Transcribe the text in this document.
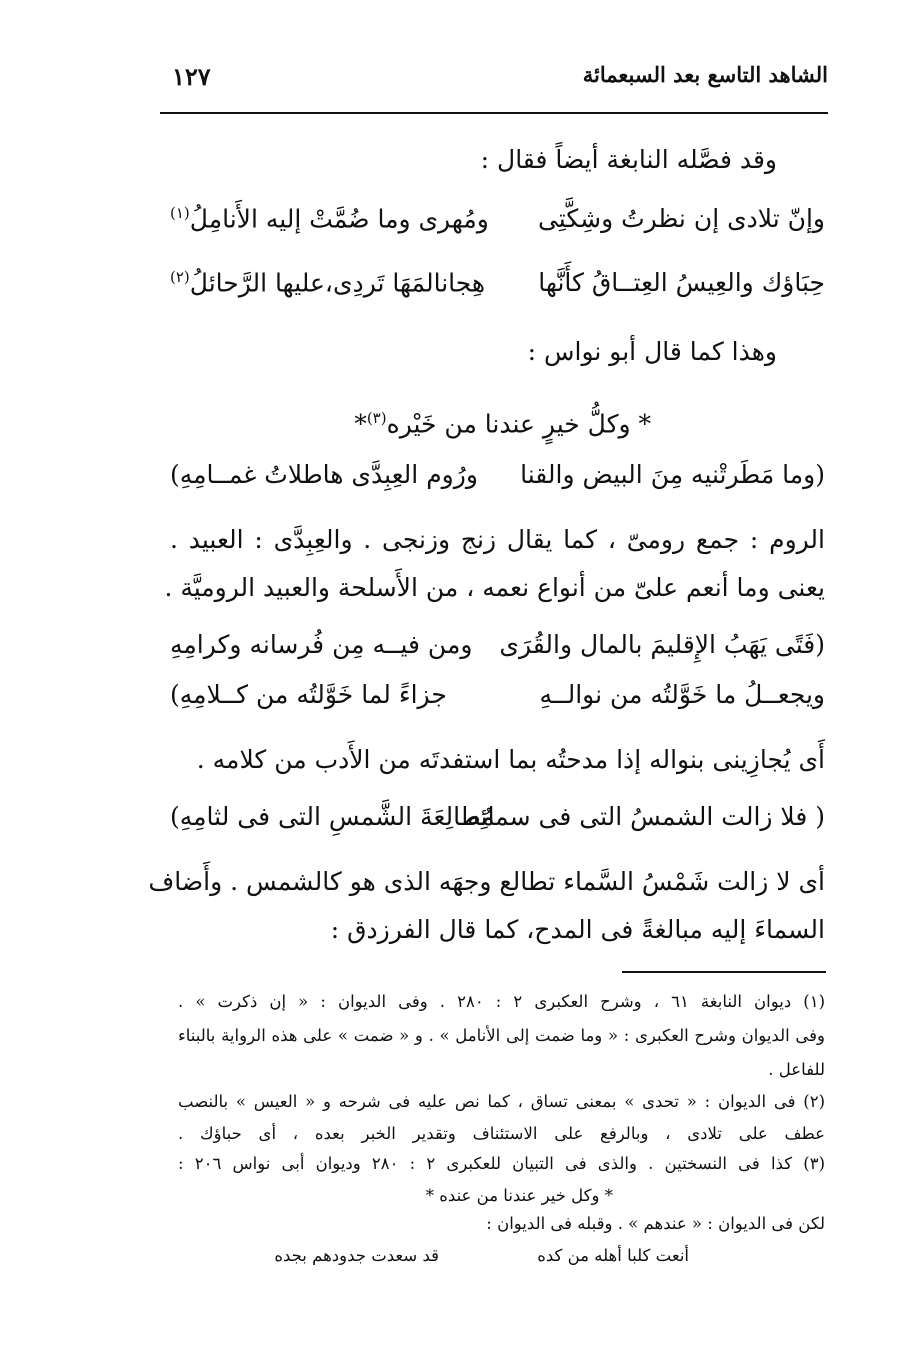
الشاهد التاسع بعد السبعمائة
١٢٧
وقد فصَّله النابغة أيضاً فقال :
وإنّ تلادى إن نظرتُ وشِكَّتِى
ومُهرى وما ضُمَّتْ إليه الأَنامِلُ$^{(١)}$
حِبَاؤك والعِيسُ العِتــاقُ كأَنَّها
هِجانالمَهَا تَردِى،عليها الرَّحائلُ$^{(٢)}$
وهذا كما قال أبو نواس :
* وكلُّ خيرٍ عندنا من خَيْره$^{(٣)}$*
(وما مَطَرتْنيه مِنَ البيض والقنا
ورُوم العِبِدَّى هاطلاتُ غمــامِهِ)
الروم : جمع رومىّ ، كما يقال زنج وزنجى . والعِبِدَّى : العبيد .
يعنى وما أنعم علىّ من أنواع نعمه ، من الأَسلحة والعبيد الروميَّة .
(فَتًى يَهَبُ الإِقليمَ بالمال والقُرَى
ومن فيــه مِن فُرسانه وكرامِهِ
ويجعــلُ ما خَوَّلتُه من نوالــهِ
جزاءً لما خَوَّلتُه من كــلامِهِ)
أَى يُجازِينى بنواله إذا مدحتُه بما استفدتَه من الأَدب من كلامه .
( فلا زالت الشمسُ التى فى سمائِه
مُطالِعَةَ الشَّمسِ التى فى لثامِهِ)
أى لا زالت شَمْسُ السَّماء تطالع وجهَه الذى هو كالشمس . وأَضاف
السماءَ إليه مبالغةً فى المدح، كما قال الفرزدق :
(١) ديوان النابغة ٦١ ، وشرح العكبرى ٢ : ٢٨٠ . وفى الديوان : « إن ذكرت » .
وفى الديوان وشرح العكبرى : « وما ضمت إلى الأنامل » . و « ضمت » على هذه الرواية بالبناء
للفاعل .
(٢) فى الديوان : « تحدى » بمعنى تساق ، كما نص عليه فى شرحه و « العيس » بالنصب
عطف على تلادى ، وبالرفع على الاستئناف وتقدير الخبر بعده ، أى حباؤك .
(٣) كذا فى النسختين . والذى فى التبيان للعكبرى ٢ : ٢٨٠ وديوان أبى نواس ٢٠٦ :
* وكل خير عندنا من عنده *
لكن فى الديوان : « عندهم » . وقبله فى الديوان :
أنعت كلبا أهله من كده
قد سعدت جدودهم بجده
